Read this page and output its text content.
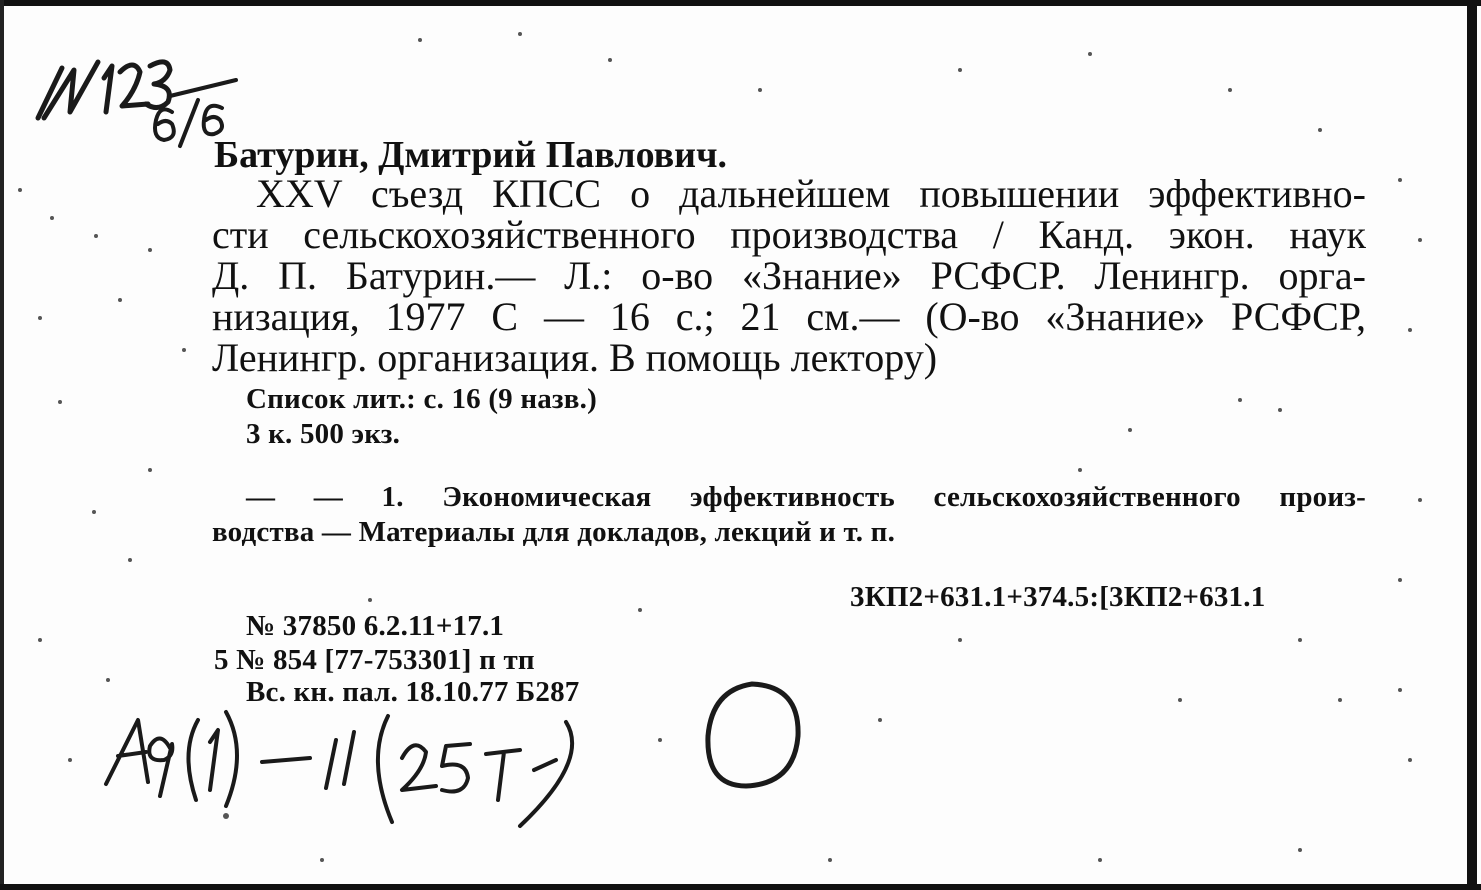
Батурин, Дмитрий Павлович.
XXV съезд КПСС о дальнейшем повышении эффективно-
сти сельскохозяйственного производства / Канд. экон. наук
Д. П. Батурин.— Л.: о-во «Знание» РСФСР. Ленингр. орга-
низация, 1977 С — 16 с.; 21 см.— (О-во «Знание» РСФСР,
Ленингр. организация. В помощь лектору)
Список лит.: с. 16 (9 назв.)
3 к. 500 экз.
— — 1. Экономическая эффективность сельскохозяйственного произ-
водства — Материалы для докладов, лекций и т. п.
3КП2+631.1+374.5:[3КП2+631.1
№ 37850 6.2.11+17.1
5 № 854 [77-753301] п тп
Вс. кн. пал. 18.10.77 Б287
